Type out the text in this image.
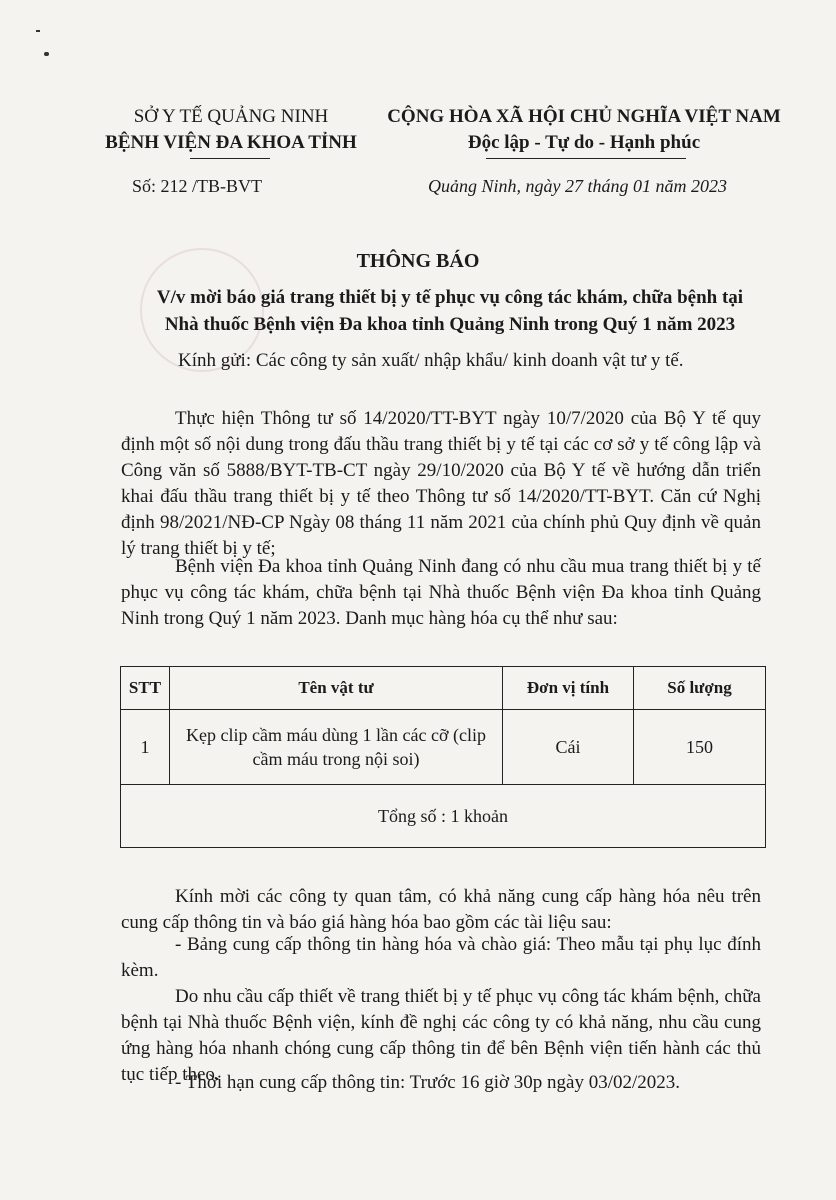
SỞ Y TẾ QUẢNG NINH
BỆNH VIỆN ĐA KHOA TỈNH
CỘNG HÒA XÃ HỘI CHỦ NGHĨA VIỆT NAM
Độc lập - Tự do - Hạnh phúc
Số: 212 /TB-BVT	Quảng Ninh, ngày 27 tháng 01 năm 2023
THÔNG BÁO
V/v mời báo giá trang thiết bị y tế phục vụ công tác khám, chữa bệnh tại
Nhà thuốc Bệnh viện Đa khoa tỉnh Quảng Ninh trong Quý 1 năm 2023
Kính gửi: Các công ty sản xuất/ nhập khẩu/ kinh doanh vật tư y tế.
Thực hiện Thông tư số 14/2020/TT-BYT ngày 10/7/2020 của Bộ Y tế quy định một số nội dung trong đấu thầu trang thiết bị y tế tại các cơ sở y tế công lập và Công văn số 5888/BYT-TB-CT ngày 29/10/2020 của Bộ Y tế về hướng dẫn triển khai đấu thầu trang thiết bị y tế theo Thông tư số 14/2020/TT-BYT. Căn cứ Nghị định 98/2021/NĐ-CP Ngày 08 tháng 11 năm 2021 của chính phủ Quy định về quản lý trang thiết bị y tế;
Bệnh viện Đa khoa tỉnh Quảng Ninh đang có nhu cầu mua trang thiết bị y tế phục vụ công tác khám, chữa bệnh tại Nhà thuốc Bệnh viện Đa khoa tỉnh Quảng Ninh trong Quý 1 năm 2023. Danh mục hàng hóa cụ thể như sau:
STT	Tên vật tư	Đơn vị tính	Số lượng
1	Kẹp clip cầm máu dùng 1 lần các cỡ (clip cầm máu trong nội soi)	Cái	150
Tổng số : 1 khoản			
Kính mời các công ty quan tâm, có khả năng cung cấp hàng hóa nêu trên cung cấp thông tin và báo giá hàng hóa bao gồm các tài liệu sau:
- Bảng cung cấp thông tin hàng hóa và chào giá: Theo mẫu tại phụ lục đính kèm.
Do nhu cầu cấp thiết về trang thiết bị y tế phục vụ công tác khám bệnh, chữa bệnh tại Nhà thuốc Bệnh viện, kính đề nghị các công ty có khả năng, nhu cầu cung ứng hàng hóa nhanh chóng cung cấp thông tin để bên Bệnh viện tiến hành các thủ tục tiếp theo.
- Thời hạn cung cấp thông tin: Trước 16 giờ 30p ngày 03/02/2023.
